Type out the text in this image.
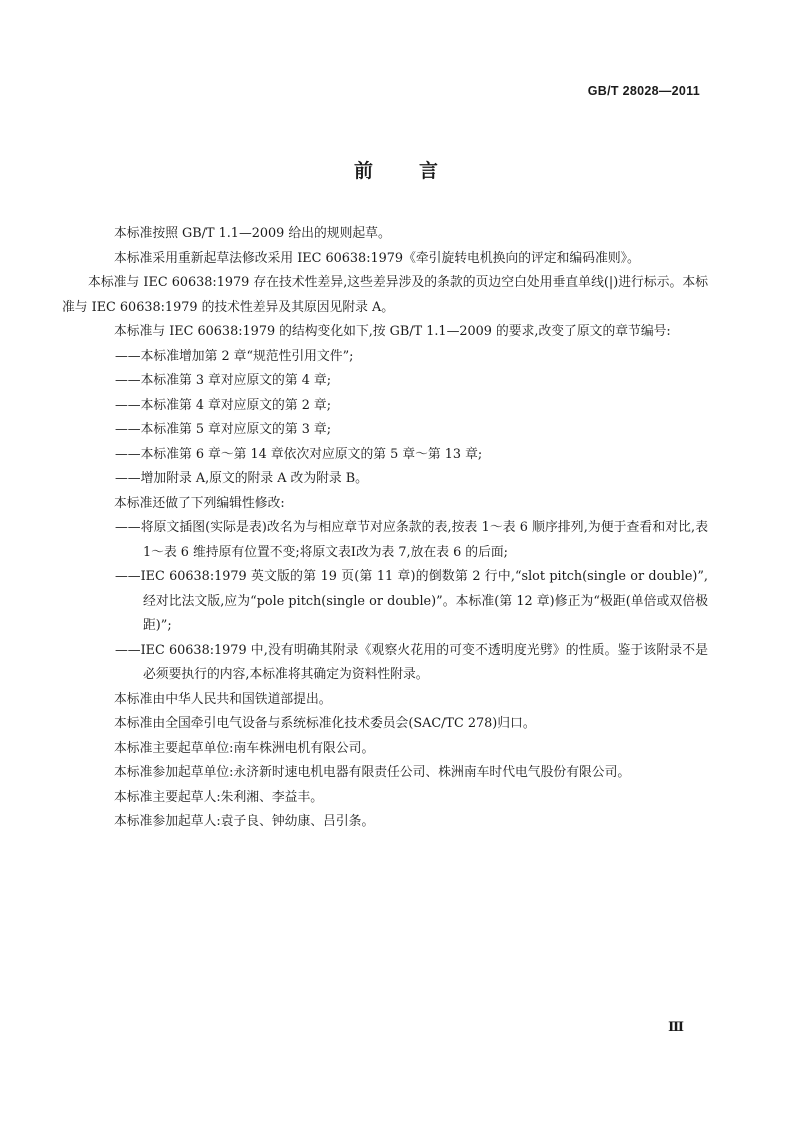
GB/T 28028—2011
前 言

本标准按照 GB/T 1.1—2009 给出的规则起草。

本标准采用重新起草法修改采用 IEC 60638:1979《牵引旋转电机换向的评定和编码准则》。

本标准与 IEC 60638:1979 存在技术性差异,这些差异涉及的条款的页边空白处用垂直单线(|)进行标示。本标准与 IEC 60638:1979 的技术性差异及其原因见附录 A。

本标准与 IEC 60638:1979 的结构变化如下,按 GB/T 1.1—2009 的要求,改变了原文的章节编号:

——本标准增加第 2 章“规范性引用文件”;

——本标准第 3 章对应原文的第 4 章;

——本标准第 4 章对应原文的第 2 章;

——本标准第 5 章对应原文的第 3 章;

——本标准第 6 章～第 14 章依次对应原文的第 5 章～第 13 章;

——增加附录 A,原文的附录 A 改为附录 B。

本标准还做了下列编辑性修改:

——将原文插图(实际是表)改名为与相应章节对应条款的表,按表 1～表 6 顺序排列,为便于查看和对比,表 1～表 6 维持原有位置不变;将原文表Ⅰ改为表 7,放在表 6 的后面;

——IEC 60638:1979 英文版的第 19 页(第 11 章)的倒数第 2 行中,“slot pitch(single or double)”,经对比法文版,应为“pole pitch(single or double)”。本标准(第 12 章)修正为“极距(单倍或双倍极距)”;

——IEC 60638:1979 中,没有明确其附录《观察火花用的可变不透明度光劈》的性质。鉴于该附录不是必须要执行的内容,本标准将其确定为资料性附录。

本标准由中华人民共和国铁道部提出。

本标准由全国牵引电气设备与系统标准化技术委员会(SAC/TC 278)归口。

本标准主要起草单位:南车株洲电机有限公司。

本标准参加起草单位:永济新时速电机电器有限责任公司、株洲南车时代电气股份有限公司。

本标准主要起草人:朱利湘、李益丰。

本标准参加起草人:袁子良、钟幼康、吕引条。

Ⅲ
